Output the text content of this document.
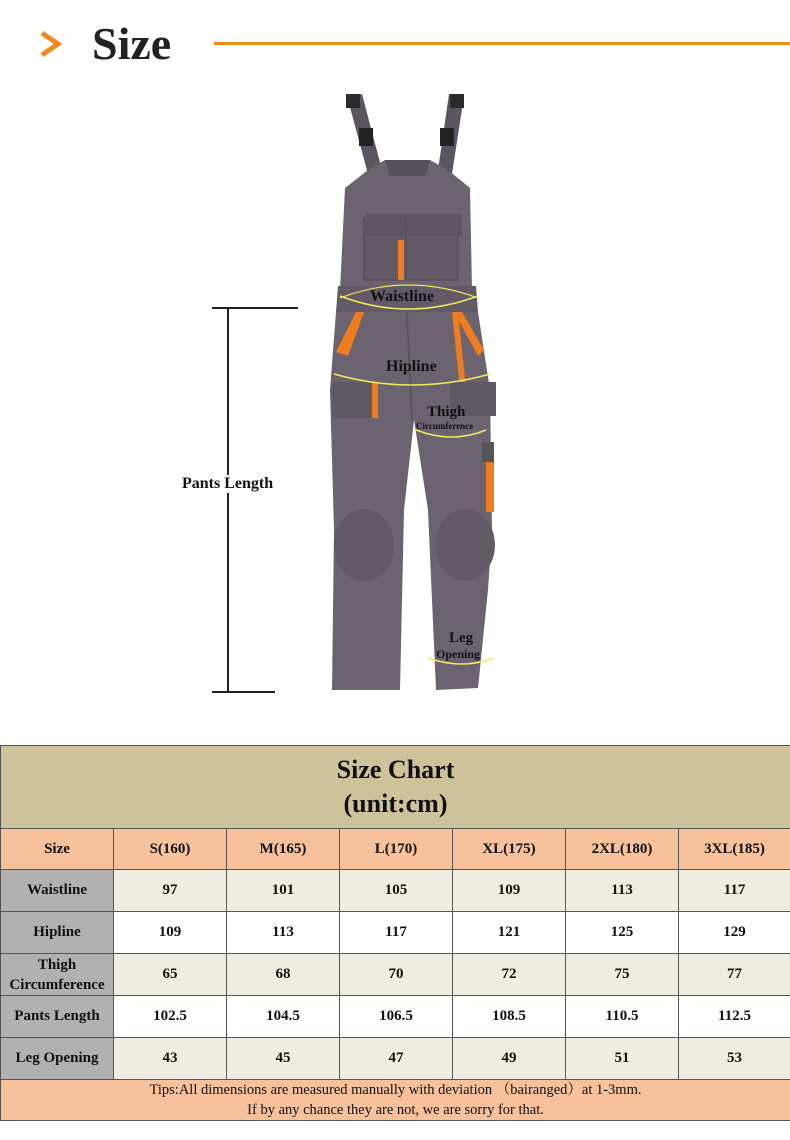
Size
Pants Length
Waistline
Hipline
Thigh
Circumference
Leg
Opening
Size Chart
(unit:cm)						

Size	S(160)	M(165)	L(170)	XL(175)	2XL(180)	3XL(185)
Waistline	97	101	105	109	113	117
Hipline	109	113	117	121	125	129
Thigh Circumference	65	68	70	72	75	77
Pants Length	102.5	104.5	106.5	108.5	110.5	112.5
Leg Opening	43	45	47	49	51	53

Tips:All dimensions are measured manually with deviation （bairanged）at 1-3mm.
If by any chance they are not, we are sorry for that.						
